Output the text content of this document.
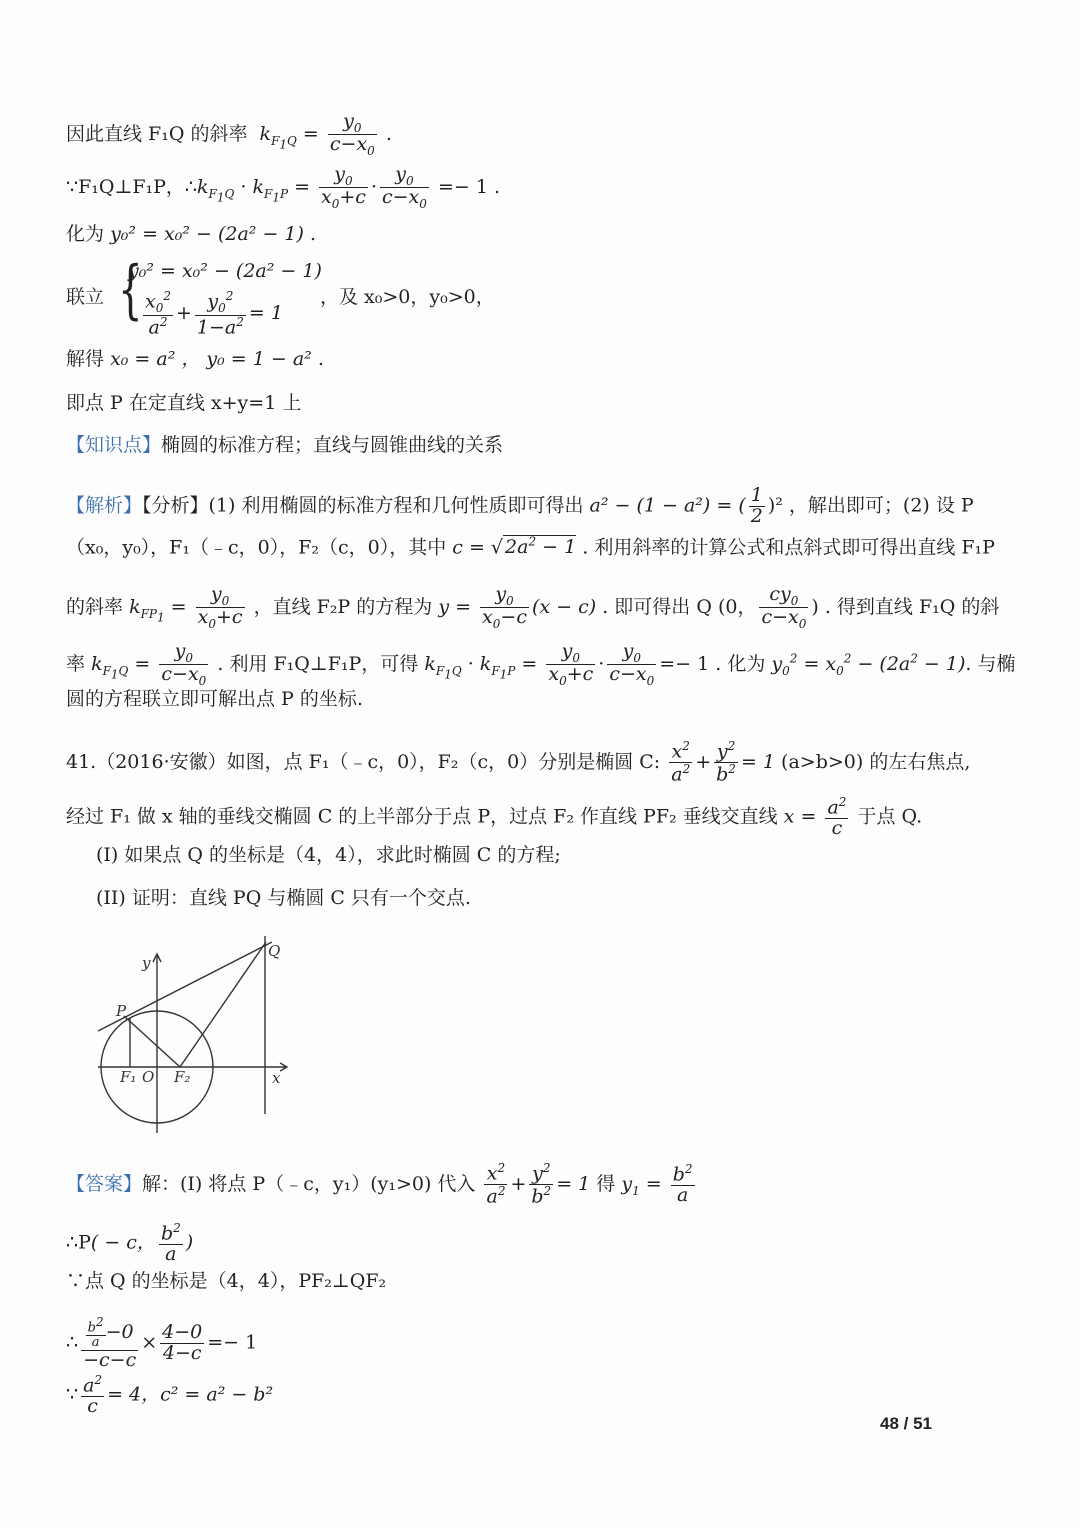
因此直线 F₁Q 的斜率  $k_{F_1Q} = \frac{y_0}{c-x_0}$ .
∵F₁Q⊥F₁P，$\therefore k_{F_1Q} \cdot k_{F_1P} = \frac{y_0}{x_0+c} \cdot \frac{y_0}{c-x_0} =- 1$ .
化为 y₀² = x₀² − (2a² − 1) .
{
联立
y₀² = x₀² − (2a² − 1)
$\frac{x_0^2}{a^2} + \frac{y_0^2}{1-a^2} = 1$
，及 x₀>0，y₀>0，
解得 x₀ = a² ， y₀ = 1 − a² .
即点 P 在定直线 x+y=1 上
【知识点】椭圆的标准方程；直线与圆锥曲线的关系
【解析】【分析】(1) 利用椭圆的标准方程和几何性质即可得出 a² − (1 − a²) = ( $\frac{1}{2} )^2$ ，解出即可；(2) 设 P
（x₀，y₀），F₁（﹣c，0），F₂（c，0），其中 c = √ $2a^2 - 1$ . 利用斜率的计算公式和点斜式即可得出直线 F₁P
的斜率 $k_{FP_1} = \frac{y_0}{x_0+c}$ ，直线 F₂P 的方程为 $y = \frac{y_0}{x_0-c} (x - c)$ . 即可得出 Q (0， $\frac{cy_0}{c-x_0}$ ) . 得到直线 F₁Q 的斜
率 $k_{F_1Q} = \frac{y_0}{c-x_0}$ . 利用 F₁Q⊥F₁P，可得 $k_{F_1Q} \cdot k_{F_1P} = \frac{y_0}{x_0+c} \cdot \frac{y_0}{c-x_0} =- 1$ . 化为 $y_0^2 = x_0^2 - (2a^2 - 1)$. 与椭
圆的方程联立即可解出点 P 的坐标.
41.（2016·安徽）如图，点 F₁（﹣c，0），F₂（c，0）分别是椭圆 C: $\frac{x^2}{a^2} + \frac{y^2}{b^2} = 1$ (a>b>0) 的左右焦点,
经过 F₁ 做 x 轴的垂线交椭圆 C 的上半部分于点 P，过点 F₂ 作直线 PF₂ 垂线交直线 $x = \frac{a^2}{c}$ 于点 Q.
(I) 如果点 Q 的坐标是（4，4），求此时椭圆 C 的方程;
(II) 证明：直线 PQ 与椭圆 C 只有一个交点.
y
x
P
Q
F₁ O F₂
【答案】解：(I) 将点 P（﹣c，y₁）(y₁>0) 代入 $\frac{x^2}{a^2} + \frac{y^2}{b^2} = 1$ 得 $y_1 = \frac{b^2}{a}$
∴P( − c， $\frac{b^2}{a}$ )
∵点 Q 的坐标是（4，4），PF₂⊥QF₂
∴ $\frac{\frac{b^2}{a} -0}{-c-c} \times \frac{4-0}{4-c} =- 1$
∵ $\frac{a^2}{c} = 4$，c² = a² − b²
48 / 51
